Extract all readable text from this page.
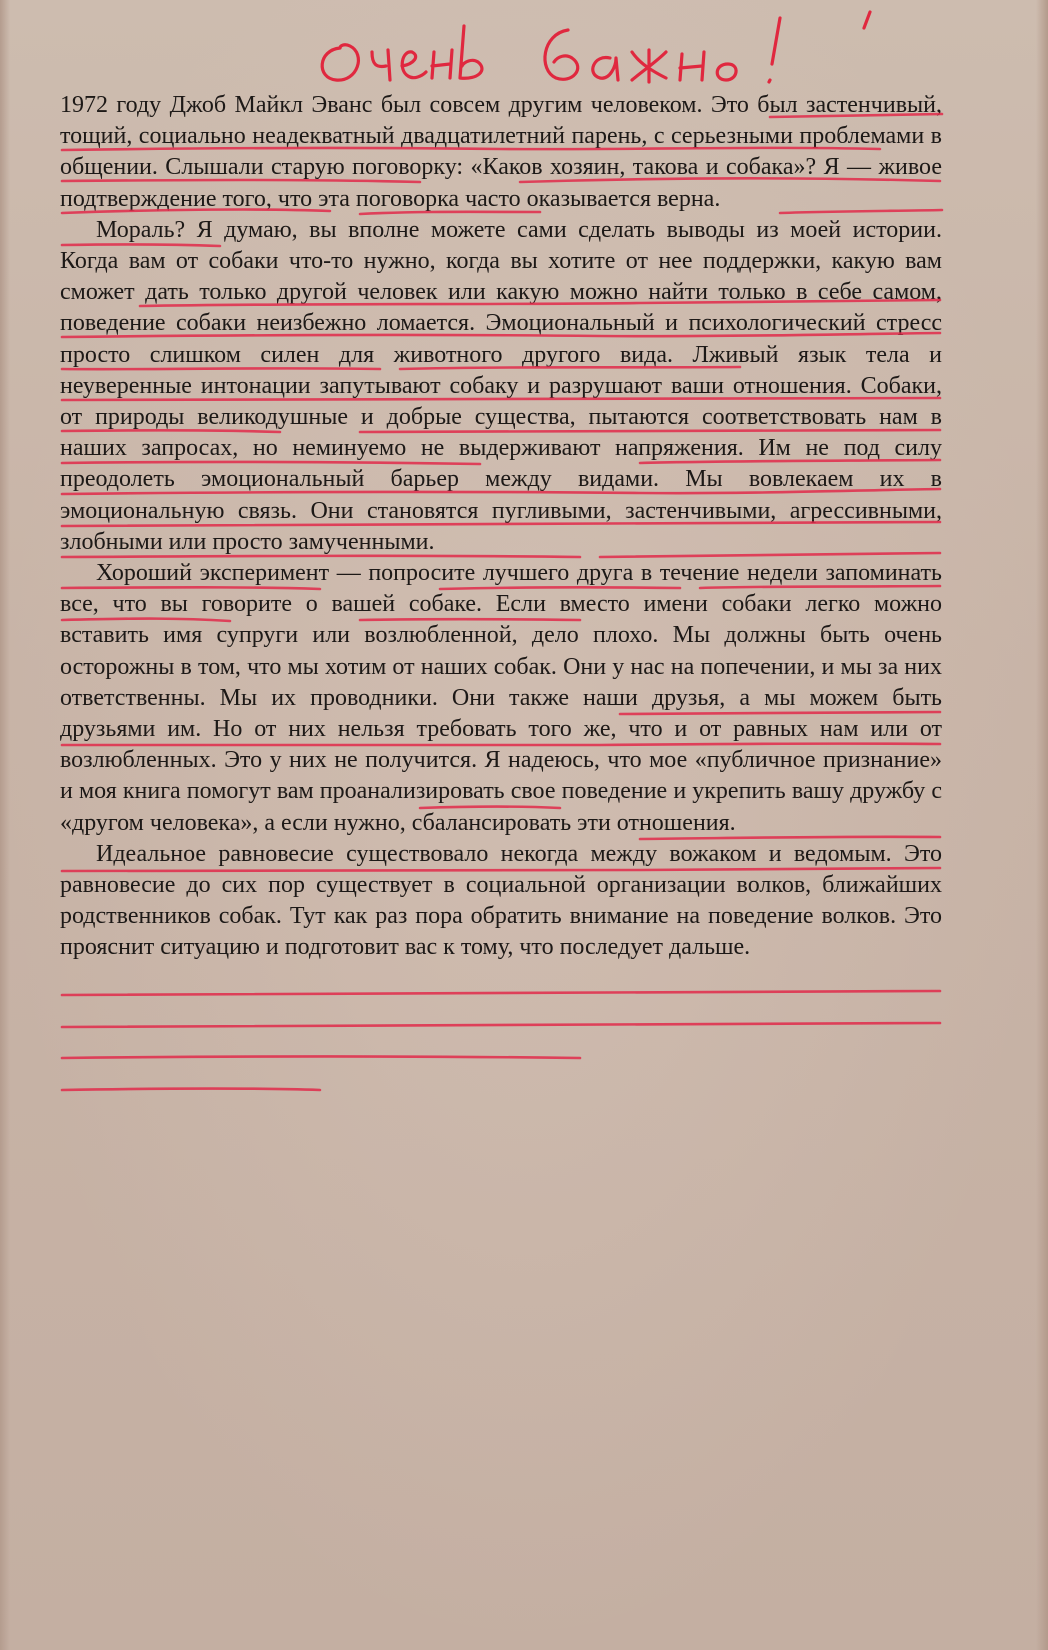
1972 году Джоб Майкл Эванс был совсем другим человеком. Это был застенчивый, тощий, социально неадекватный двадцатилетний парень, с серьезными проблемами в общении. Слышали старую поговорку: «Каков хозяин, такова и собака»? Я — живое подтверждение того, что эта поговорка часто оказывается верна.

Мораль? Я думаю, вы вполне можете сами сделать выводы из моей истории. Когда вам от собаки что-то нужно, когда вы хотите от нее поддержки, какую вам сможет дать только другой человек или какую можно найти только в себе самом, поведение собаки неизбежно ломается. Эмоциональный и психологический стресс просто слишком силен для животного другого вида. Лживый язык тела и неуверенные интонации запутывают собаку и разрушают ваши отношения. Собаки, от природы великодушные и добрые существа, пытаются соответствовать нам в наших запросах, но неминуемо не выдерживают напряжения. Им не под силу преодолеть эмоциональный барьер между видами. Мы вовлекаем их в эмоциональную связь. Они становятся пугливыми, застенчивыми, агрессивными, злобными или просто замученными.

Хороший эксперимент — попросите лучшего друга в течение недели запоминать все, что вы говорите о вашей собаке. Если вместо имени собаки легко можно вставить имя супруги или возлюбленной, дело плохо. Мы должны быть очень осторожны в том, что мы хотим от наших собак. Они у нас на попечении, и мы за них ответственны. Мы их проводники. Они также наши друзья, а мы можем быть друзьями им. Но от них нельзя требовать того же, что и от равных нам или от возлюбленных. Это у них не получится. Я надеюсь, что мое «публичное признание» и моя книга помогут вам проанализировать свое поведение и укрепить вашу дружбу с «другом человека», а если нужно, сбалансировать эти отношения.

Идеальное равновесие существовало некогда между вожаком и ведомым. Это равновесие до сих пор существует в социальной организации волков, ближайших родственников собак. Тут как раз пора обратить внимание на поведение волков. Это прояснит ситуацию и подготовит вас к тому, что последует дальше.
